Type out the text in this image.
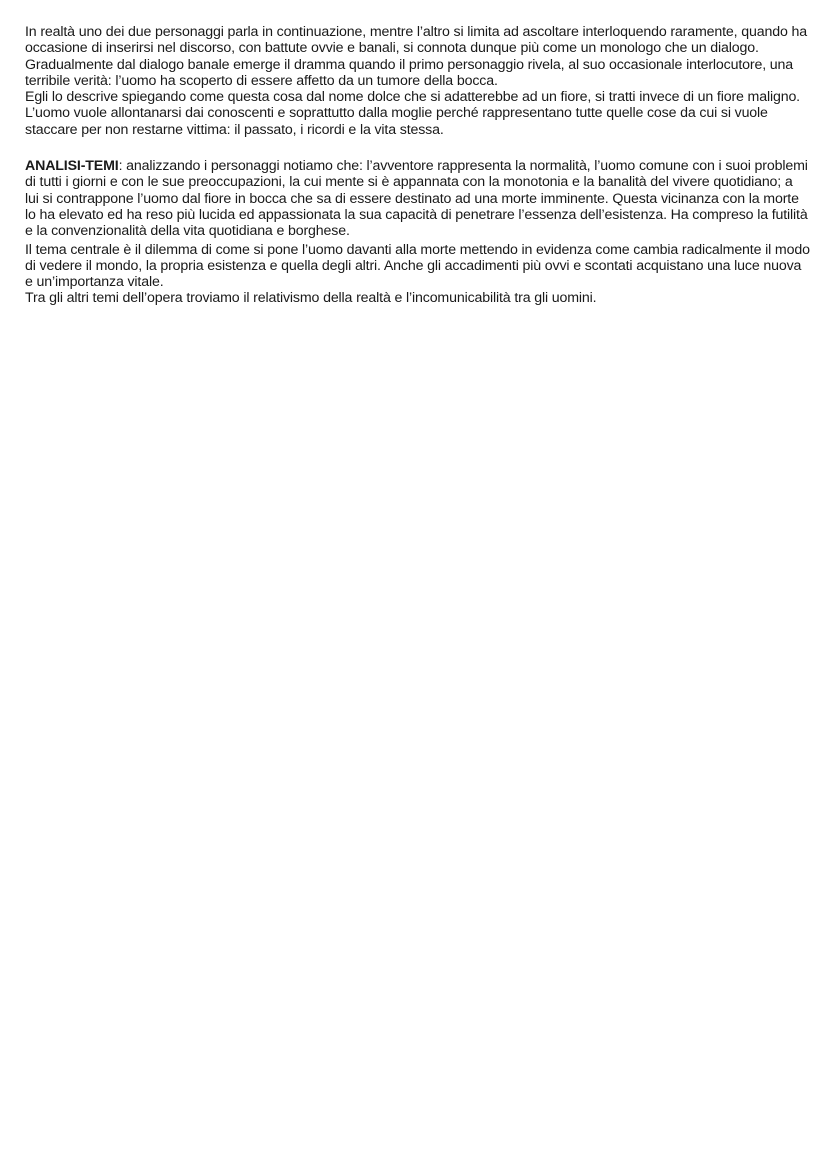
In realtà uno dei due personaggi parla in continuazione, mentre l’altro si limita ad ascoltare interloquendo raramente, quando ha occasione di inserirsi nel discorso, con battute ovvie e banali, si connota dunque più come un monologo che un dialogo.

Gradualmente dal dialogo banale emerge il dramma quando il primo personaggio rivela, al suo occasionale interlocutore, una terribile verità: l’uomo ha scoperto di essere affetto da un tumore della bocca.

Egli lo descrive spiegando come questa cosa dal nome dolce che si adatterebbe ad un fiore, si tratti invece di un fiore maligno.

L’uomo vuole allontanarsi dai conoscenti e soprattutto dalla moglie perché rappresentano tutte quelle cose da cui si vuole staccare per non restarne vittima: il passato, i ricordi e la vita stessa.

ANALISI-TEMI: analizzando i personaggi notiamo che: l’avventore rappresenta la normalità, l’uomo comune con i suoi problemi di tutti i giorni e con le sue preoccupazioni, la cui mente si è appannata con la monotonia e la banalità del vivere quotidiano; a lui si contrappone l’uomo dal fiore in bocca che sa di essere destinato ad una morte imminente. Questa vicinanza con la morte lo ha elevato ed ha reso più lucida ed appassionata la sua capacità di penetrare l’essenza dell’esistenza. Ha compreso la futilità e la convenzionalità della vita quotidiana e borghese.

Il tema centrale è il dilemma di come si pone l’uomo davanti alla morte mettendo in evidenza come cambia radicalmente il modo di vedere il mondo, la propria esistenza e quella degli altri. Anche gli accadimenti più ovvi e scontati acquistano una luce nuova e un’importanza vitale.

Tra gli altri temi dell’opera troviamo il relativismo della realtà e l’incomunicabilità tra gli uomini.
